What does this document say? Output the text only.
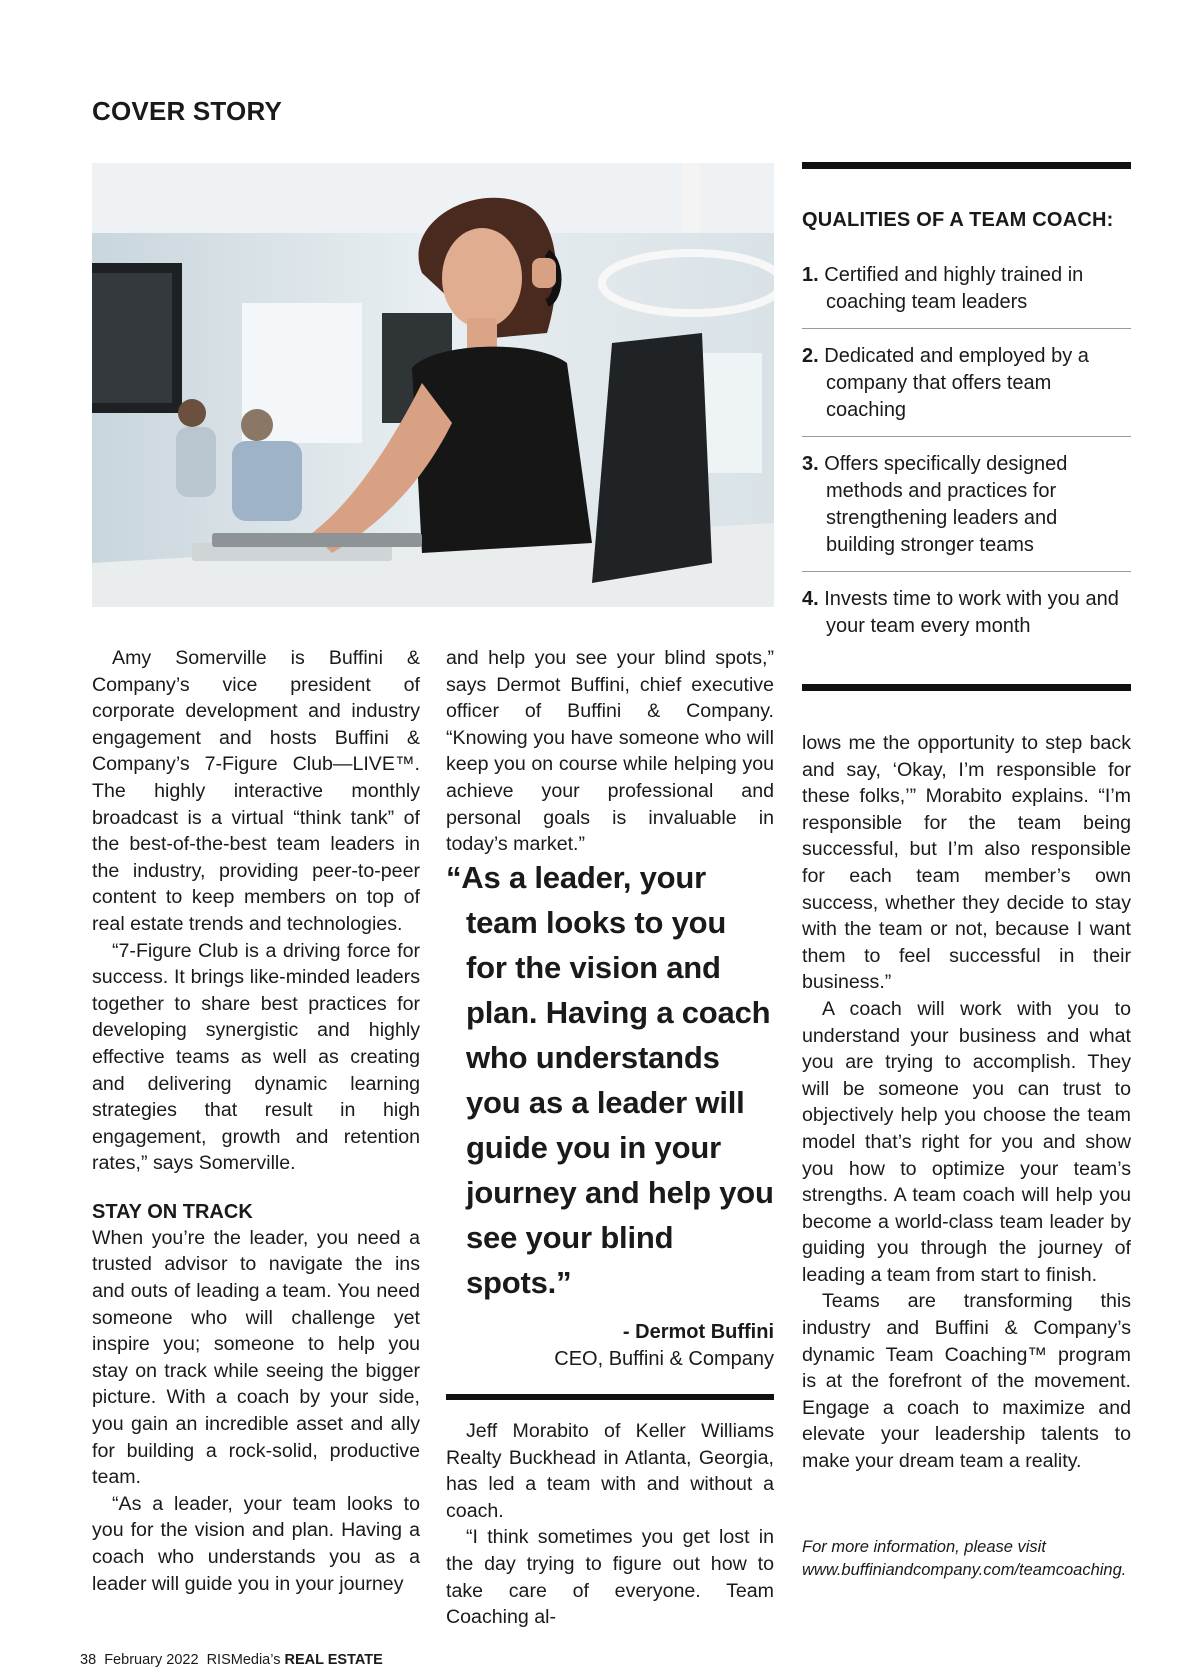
COVER STORY

Amy Somerville is Buffini & Company’s vice president of corporate development and industry engagement and hosts Buffini & Company’s 7-Figure Club—LIVE™. The highly interactive monthly broadcast is a virtual “think tank” of the best-of-the-best team leaders in the industry, providing peer-to-peer content to keep members on top of real estate trends and technologies.

“7-Figure Club is a driving force for success. It brings like-minded leaders together to share best practices for developing synergistic and highly effective teams as well as creating and delivering dynamic learning strategies that result in high engagement, growth and retention rates,” says Somerville.

STAY ON TRACK

When you’re the leader, you need a trusted advisor to navigate the ins and outs of leading a team. You need someone who will challenge yet inspire you; someone to help you stay on track while seeing the bigger picture. With a coach by your side, you gain an incredible asset and ally for building a rock-solid, productive team.

“As a leader, your team looks to you for the vision and plan. Having a coach who understands you as a leader will guide you in your journey

and help you see your blind spots,” says Dermot Buffini, chief executive officer of Buffini & Company. “Knowing you have someone who will keep you on course while helping you achieve your professional and personal goals is invaluable in today’s market.”

“As a leader, your team looks to you for the vision and plan. Having a coach who understands you as a leader will guide you in your journey and help you see your blind spots.”

- Dermot Buffini
CEO, Buffini & Company

Jeff Morabito of Keller Williams Realty Buckhead in Atlanta, Georgia, has led a team with and without a coach.

“I think sometimes you get lost in the day trying to figure out how to take care of everyone. Team Coaching al-

QUALITIES OF A TEAM COACH:
1. Certified and highly trained in coaching team leaders
2. Dedicated and employed by a company that offers team coaching
3. Offers specifically designed methods and practices for strengthening leaders and building stronger teams
4. Invests time to work with you and your team every month

lows me the opportunity to step back and say, ‘Okay, I’m responsible for these folks,’” Morabito explains. “I’m responsible for the team being successful, but I’m also responsible for each team member’s own success, whether they decide to stay with the team or not, because I want them to feel successful in their business.”

A coach will work with you to understand your business and what you are trying to accomplish. They will be someone you can trust to objectively help you choose the team model that’s right for you and show you how to optimize your team’s strengths. A team coach will help you become a world-class team leader by guiding you through the journey of leading a team from start to finish.

Teams are transforming this industry and Buffini & Company’s dynamic Team Coaching™ program is at the forefront of the movement. Engage a coach to maximize and elevate your leadership talents to make your dream team a reality.

For more information, please visit www.buffiniandcompany.com/teamcoaching.

38 February 2022 RISMedia’s REAL ESTATE
